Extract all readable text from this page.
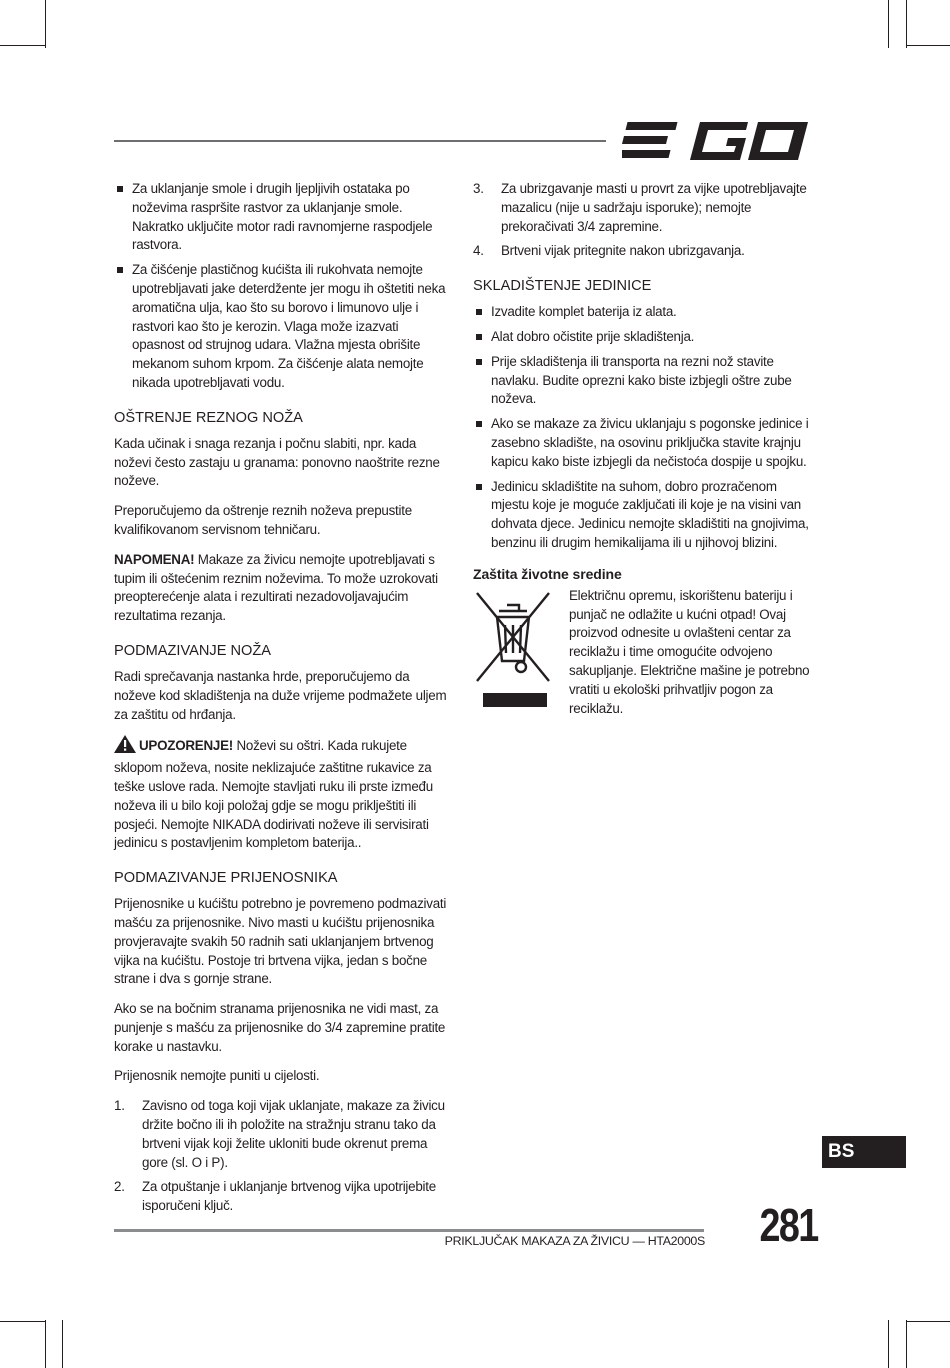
Za uklanjanje smole i drugih ljepljivih ostataka po noževima raspršite rastvor za uklanjanje smole. Nakratko uključite motor radi ravnomjerne raspodjele rastvora.
Za čišćenje plastičnog kućišta ili rukohvata nemojte upotrebljavati jake deterdžente jer mogu ih oštetiti neka aromatična ulja, kao što su borovo i limunovo ulje i rastvori kao što je kerozin. Vlaga može izazvati opasnost od strujnog udara. Vlažna mjesta obrišite mekanom suhom krpom. Za čišćenje alata nemojte nikada upotrebljavati vodu.
OŠTRENJE REZNOG NOŽA

Kada učinak i snaga rezanja i počnu slabiti, npr. kada noževi često zastaju u granama: ponovno naoštrite rezne noževe.

Preporučujemo da oštrenje reznih noževa prepustite kvalifikovanom servisnom tehničaru.

NAPOMENA! Makaze za živicu nemojte upotrebljavati s tupim ili oštećenim reznim noževima. To može uzrokovati preopterećenje alata i rezultirati nezadovoljavajućim rezultatima rezanja.

PODMAZIVANJE NOŽA

Radi sprečavanja nastanka hrde, preporučujemo da noževe kod skladištenja na duže vrijeme podmažete uljem za zaštitu od hrđanja.

UPOZORENJE! Noževi su oštri. Kada rukujete sklopom noževa, nosite neklizajuće zaštitne rukavice za teške uslove rada. Nemojte stavljati ruku ili prste između noževa ili u bilo koji položaj gdje se mogu priklještiti ili posjeći. Nemojte NIKADA dodirivati noževe ili servisirati jedinicu s postavljenim kompletom baterija..

PODMAZIVANJE PRIJENOSNIKA

Prijenosnike u kućištu potrebno je povremeno podmazivati mašću za prijenosnike. Nivo masti u kućištu prijenosnika provjeravajte svakih 50 radnih sati uklanjanjem brtvenog vijka na kućištu. Postoje tri brtvena vijka, jedan s bočne strane i dva s gornje strane.

Ako se na bočnim stranama prijenosnika ne vidi mast, za punjenje s mašću za prijenosnike do 3/4 zapremine pratite korake u nastavku.

Prijenosnik nemojte puniti u cijelosti.

1. Zavisno od toga koji vijak uklanjate, makaze za živicu držite bočno ili ih položite na stražnju stranu tako da brtveni vijak koji želite ukloniti bude okrenut prema gore (sl. O i P).
2. Za otpuštanje i uklanjanje brtvenog vijka upotrijebite isporučeni ključ.
3. Za ubrizgavanje masti u provrt za vijke upotrebljavajte mazalicu (nije u sadržaju isporuke); nemojte prekoračivati 3/4 zapremine.
4. Brtveni vijak pritegnite nakon ubrizgavanja.
SKLADIŠTENJE JEDINICE
Izvadite komplet baterija iz alata.
Alat dobro očistite prije skladištenja.
Prije skladištenja ili transporta na rezni nož stavite navlaku. Budite oprezni kako biste izbjegli oštre zube noževa.
Ako se makaze za živicu uklanjaju s pogonske jedinice i zasebno skladište, na osovinu priključka stavite krajnju kapicu kako biste izbjegli da nečistoća dospije u spojku.
Jedinicu skladištite na suhom, dobro prozračenom mjestu koje je moguće zaključati ili koje je na visini van dohvata djece. Jedinicu nemojte skladištiti na gnojivima, benzinu ili drugim hemikalijama ili u njihovoj blizini.
Zaštita životne sredine
Električnu opremu, iskorištenu bateriju i punjač ne odlažite u kućni otpad! Ovaj proizvod odnesite u ovlašteni centar za reciklažu i time omogućite odvojeno sakupljanje. Električne mašine je potrebno vratiti u ekološki prihvatljiv pogon za reciklažu.
BS
PRIKLJUČAK MAKAZA ZA ŽIVICU — HTA2000S 281
